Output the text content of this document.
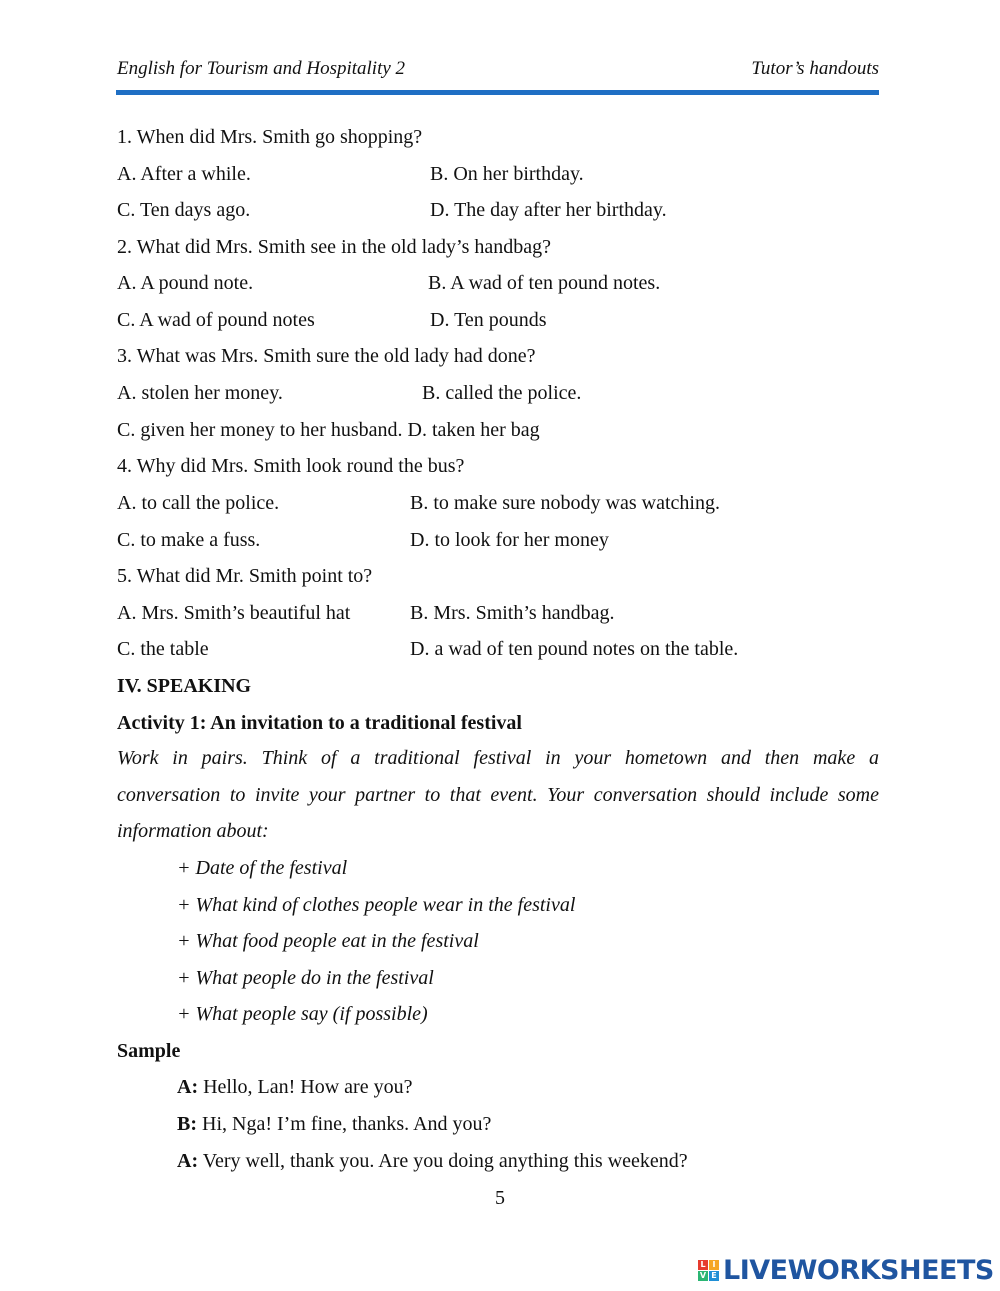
English for Tourism and Hospitality 2	Tutor’s handouts
1. When did Mrs. Smith go shopping?
A. After a while.	B. On her birthday.
C. Ten days ago.	D. The day after her birthday.
2. What did Mrs. Smith see in the old lady’s handbag?
A. A pound note.	B. A wad of ten pound notes.
C. A wad of pound notes	D. Ten pounds
3. What was Mrs. Smith sure the old lady had done?
A. stolen her money.	B. called the police.
C. given her money to her husband. D. taken her bag
4. Why did Mrs. Smith look round the bus?
A. to call the police.	B. to make sure nobody was watching.
C. to make a fuss.	D. to look for her money
5. What did Mr. Smith point to?
A. Mrs. Smith’s beautiful hat	B. Mrs. Smith’s handbag.
C. the table	D. a wad of ten pound notes on the table.
IV. SPEAKING
Activity 1: An invitation to a traditional festival
Work in pairs. Think of a traditional festival in your hometown and then make a
conversation to invite your partner to that event. Your conversation should include some
information about:
+ Date of the festival
+ What kind of clothes people wear in the festival
+ What food people eat in the festival
+ What people do in the festival
+ What people say (if possible)
Sample
A: Hello, Lan! How are you?
B: Hi, Nga! I’m fine, thanks. And you?
A: Very well, thank you. Are you doing anything this weekend?
5
L I
V E LIVEWORKSHEETS
